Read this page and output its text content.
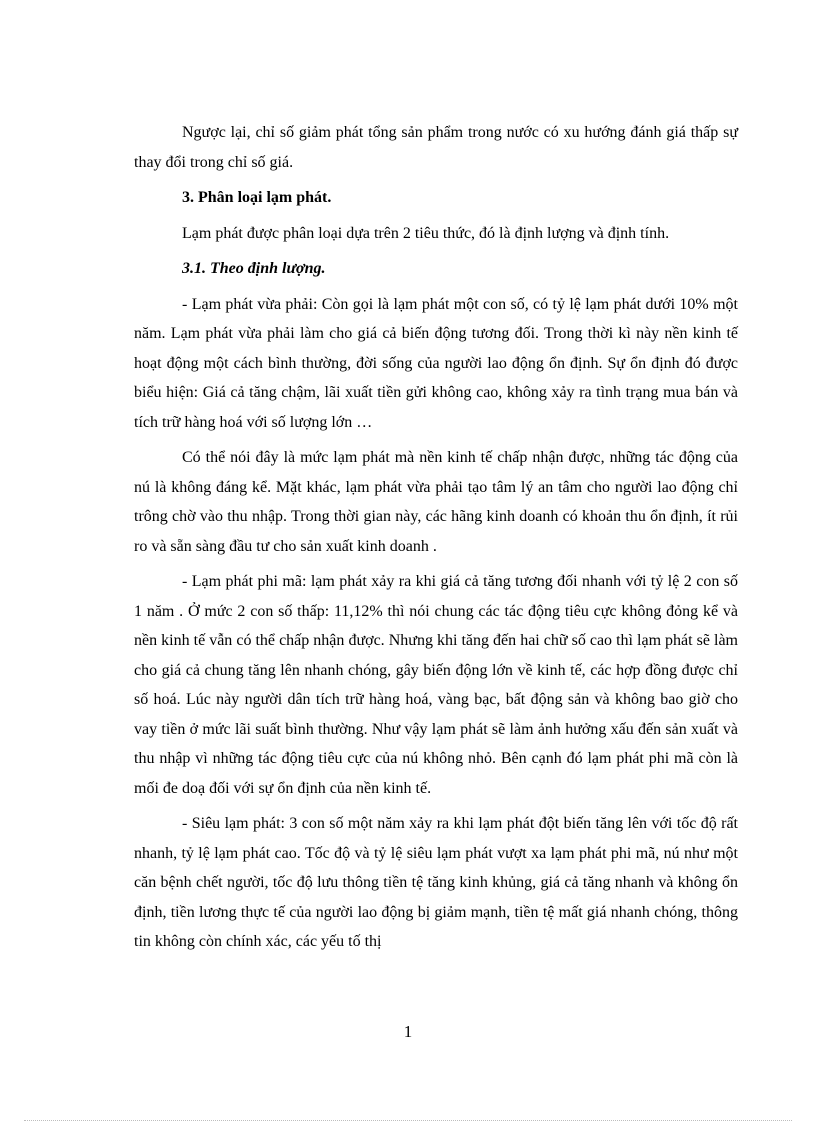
Ngược lại, chỉ số giảm phát tổng sản phẩm trong nước có xu hướng đánh giá thấp sự thay đổi trong chỉ số giá.

3. Phân loại lạm phát.

Lạm phát được phân loại dựa trên 2 tiêu thức, đó là định lượng và định tính.

3.1. Theo định lượng.

- Lạm phát vừa phải: Còn gọi là lạm phát một con số, có tỷ lệ lạm phát dưới 10% một năm. Lạm phát vừa phải làm cho giá cả biến động tương đối. Trong thời kì này nền kinh tế hoạt động một cách bình thường, đời sống của người lao động ổn định. Sự ổn định đó được biểu hiện: Giá cả tăng chậm, lãi xuất tiền gửi không cao, không xảy ra tình trạng mua bán và tích trữ hàng hoá với số lượng lớn …

Có thể nói đây là mức lạm phát mà nền kinh tế chấp nhận được, những tác động của nú là không đáng kể. Mặt khác, lạm phát vừa phải tạo tâm lý an tâm cho người lao động chỉ trông chờ vào thu nhập. Trong thời gian này, các hãng kinh doanh có khoản thu ổn định, ít rủi ro và sẵn sàng đầu tư cho sản xuất kinh doanh .

- Lạm phát phi mã: lạm phát xảy ra khi giá cả tăng tương đối nhanh với tỷ lệ 2 con số 1 năm . Ở mức 2 con số thấp: 11,12% thì nói chung các tác động tiêu cực không đỏng kể và nền kinh tế vẫn có thể chấp nhận được. Nhưng khi tăng đến hai chữ số cao thì lạm phát sẽ làm cho giá cả chung tăng lên nhanh chóng, gây biến động lớn về kinh tế, các hợp đồng được chỉ số hoá. Lúc này người dân tích trữ hàng hoá, vàng bạc, bất động sản và không bao giờ cho vay tiền ở mức lãi suất bình thường. Như vậy lạm phát sẽ làm ảnh hưởng xấu đến sản xuất và thu nhập vì những tác động tiêu cực của nú không nhỏ. Bên cạnh đó lạm phát phi mã còn là mối đe doạ đối với sự ổn định của nền kinh tế.

- Siêu lạm phát: 3 con số một năm xảy ra khi lạm phát đột biến tăng lên với tốc độ rất nhanh, tỷ lệ lạm phát cao. Tốc độ và tỷ lệ siêu lạm phát vượt xa lạm phát phi mã, nú như một căn bệnh chết người, tốc độ lưu thông tiền tệ tăng kinh khủng, giá cả tăng nhanh và không ổn định, tiền lương thực tế của người lao động bị giảm mạnh, tiền tệ mất giá nhanh chóng, thông tin không còn chính xác, các yếu tố thị

1
